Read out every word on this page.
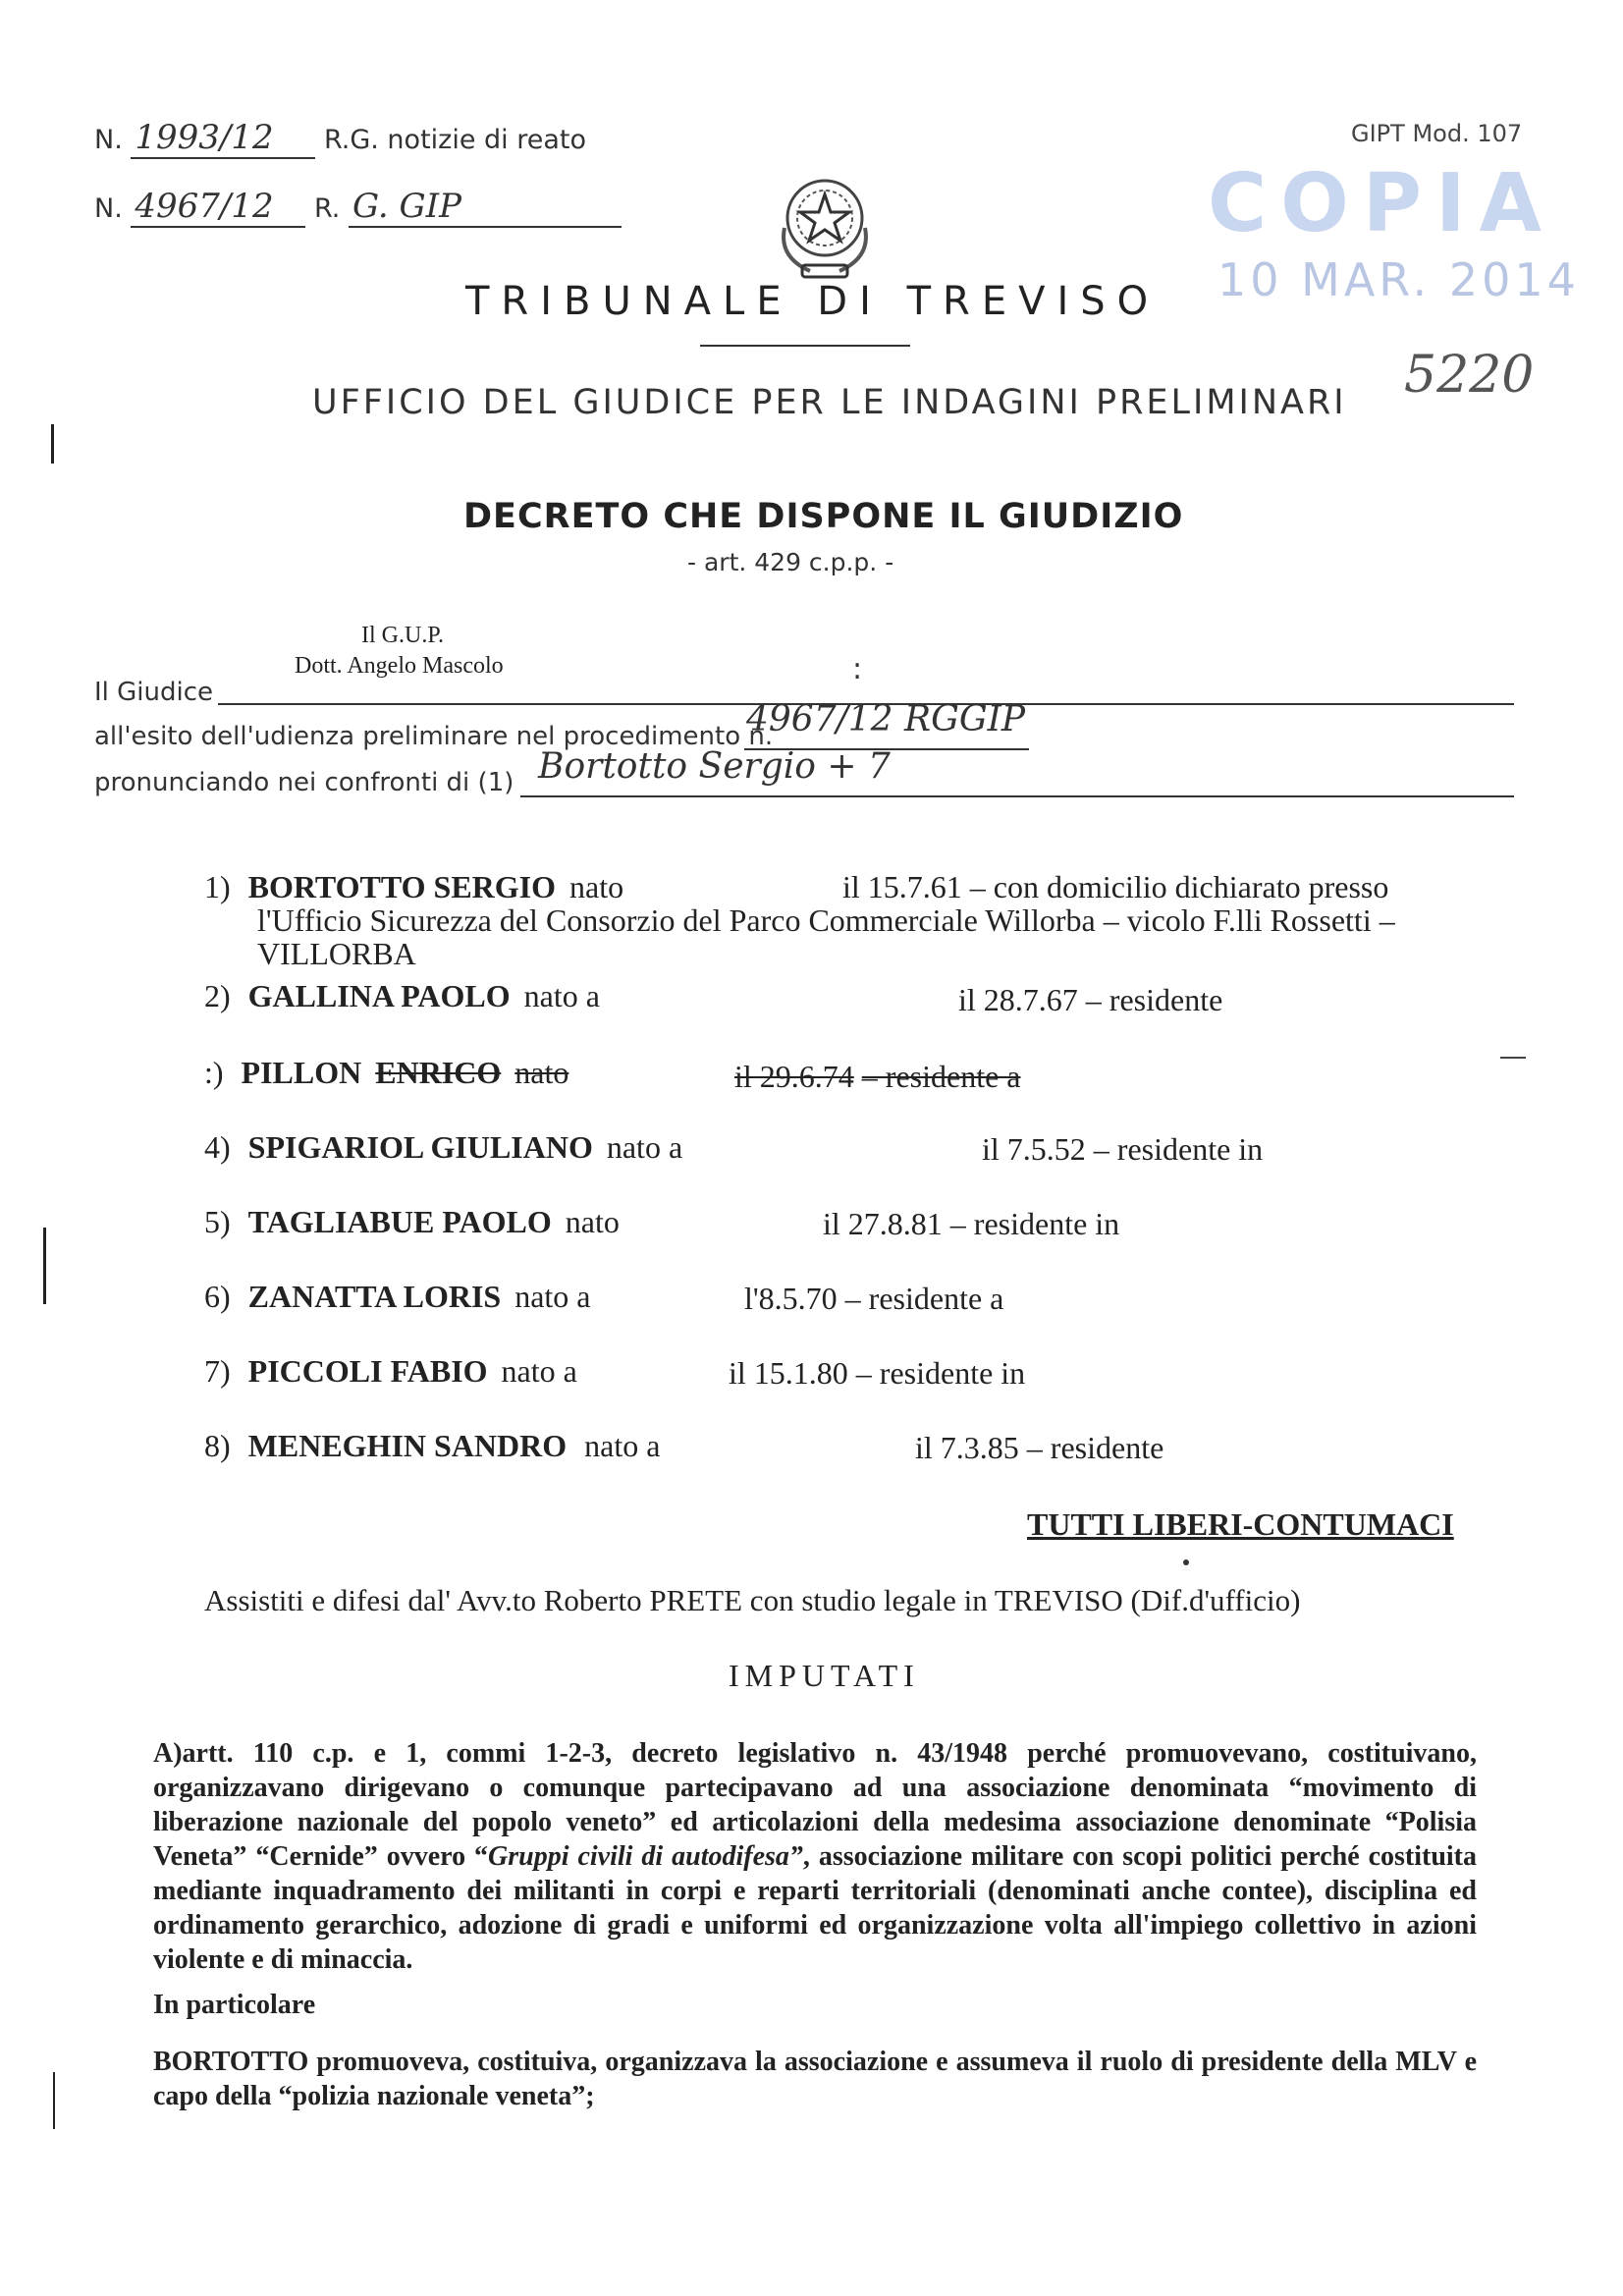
N. 1993/12 R.G. notizie di reato
N. 4967/12 R. G. GIP
GIPT Mod. 107
COPIA
10 MAR. 2014
5220
TRIBUNALE DI TREVISO
UFFICIO DEL GIUDICE PER LE INDAGINI PRELIMINARI
DECRETO CHE DISPONE IL GIUDIZIO
- art. 429 c.p.p. -
Il G.U.P.
Dott. Angelo Mascolo
Il Giudice
:
all'esito dell'udienza preliminare nel procedimento n.
4967/12 RGGIP
pronunciando nei confronti di (1) Bortotto Sergio + 7
1) BORTOTTO SERGIO nato	il 15.7.61 – con domicilio dichiarato presso
l'Ufficio Sicurezza del Consorzio del Parco Commerciale Willorba – vicolo F.lli Rossetti –
VILLORBA
2) GALLINA PAOLO nato a	il 28.7.67 – residente
:) PILLON ENRICO nato	il 29.6.74 – residente a
4) SPIGARIOL GIULIANO nato a	il 7.5.52 – residente in
5) TAGLIABUE PAOLO nato	il 27.8.81 – residente in
6) ZANATTA LORIS nato a	l'8.5.70 – residente a
7) PICCOLI FABIO nato a	il 15.1.80 – residente in
8) MENEGHIN SANDRO nato a	il 7.3.85 – residente
TUTTI LIBERI-CONTUMACI
Assistiti e difesi dal' Avv.to Roberto PRETE con studio legale in TREVISO (Dif.d'ufficio)
IMPUTATI
A)artt. 110 c.p. e 1, commi 1-2-3, decreto legislativo n. 43/1948 perché promuovevano, costituivano, organizzavano dirigevano o comunque partecipavano ad una associazione denominata “movimento di liberazione nazionale del popolo veneto” ed articolazioni della medesima associazione denominate “Polisia Veneta” “Cernide” ovvero “Gruppi civili di autodifesa”, associazione militare con scopi politici perché costituita mediante inquadramento dei militanti in corpi e reparti territoriali (denominati anche contee), disciplina ed ordinamento gerarchico, adozione di gradi e uniformi ed organizzazione volta all'impiego collettivo in azioni violente e di minaccia.
In particolare
BORTOTTO promuoveva, costituiva, organizzava la associazione e assumeva il ruolo di presidente della MLV e capo della “polizia nazionale veneta”;
